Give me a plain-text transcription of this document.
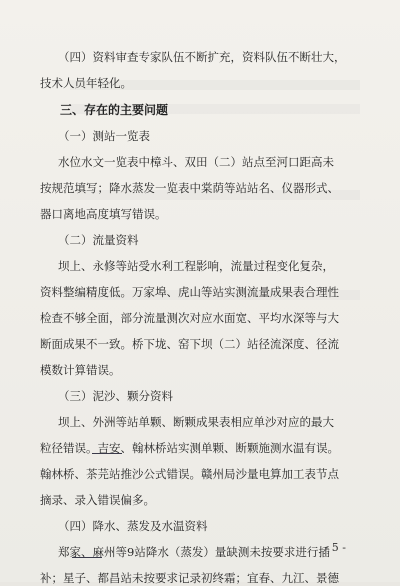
（四）资料审查专家队伍不断扩充，资料队伍不断壮大，
技术人员年轻化。
三、存在的主要问题
（一）测站一览表
水位水文一览表中樟斗、双田（二）站点至河口距高未
按规范填写；降水蒸发一览表中棠荫等站站名、仪器形式、
器口离地高度填写错误。
（二）流量资料
坝上、永修等站受水利工程影响，流量过程变化复杂，
资料整编精度低。万家埠、虎山等站实测流量成果表合理性
检查不够全面，部分流量测次对应水面宽、平均水深等与大
断面成果不一致。桥下垅、窑下坝（二）站径流深度、径流
模数计算错误。
（三）泥沙、颗分资料
坝上、外洲等站单颗、断颗成果表相应单沙对应的最大
粒径错误。吉安、翰林桥站实测单颗、断颗施测水温有误。
翰林桥、茶芫站推沙公式错误。赣州局沙量电算加工表节点
摘录、录入错误偏多。
（四）降水、蒸发及水温资料
郑家、麻州等9站降水（蒸发）量缺测未按要求进行插
补；星子、都昌站未按要求记录初终霜；宜春、九江、景德
- 5 -
